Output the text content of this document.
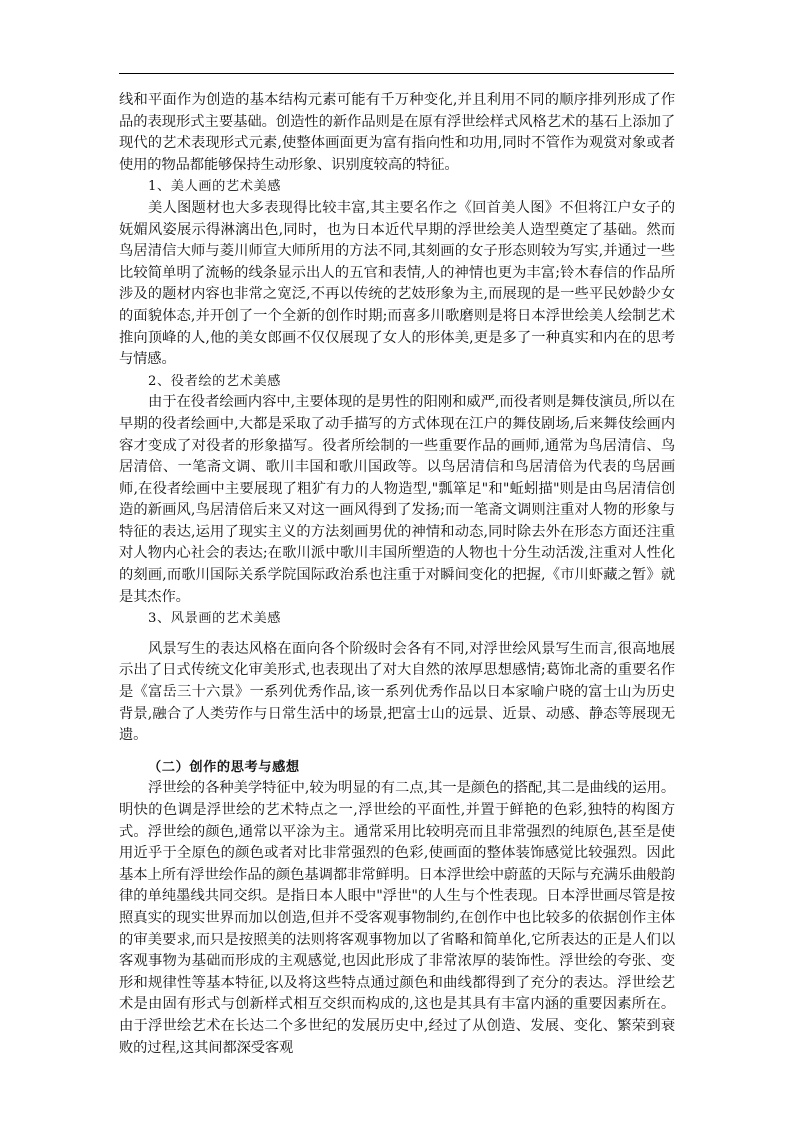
线和平面作为创造的基本结构元素可能有千万种变化,并且利用不同的顺序排列形成了作品的表现形式主要基础。创造性的新作品则是在原有浮世绘样式风格艺术的基石上添加了现代的艺术表现形式元素,使整体画面更为富有指向性和功用,同时不管作为观赏对象或者使用的物品都能够保持生动形象、识别度较高的特征。

1、美人画的艺术美感

美人图题材也大多表现得比较丰富,其主要名作之《回首美人图》不但将江户女子的妩媚风姿展示得淋漓出色,同时，也为日本近代早期的浮世绘美人造型奠定了基础。然而鸟居清信大师与菱川师宣大师所用的方法不同,其刻画的女子形态则较为写实,并通过一些比较简单明了流畅的线条显示出人的五官和表情,人的神情也更为丰富;铃木春信的作品所涉及的题材内容也非常之宽泛,不再以传统的艺妓形象为主,而展现的是一些平民妙龄少女的面貌体态,并开创了一个全新的创作时期;而喜多川歌磨则是将日本浮世绘美人绘制艺术推向顶峰的人,他的美女郎画不仅仅展现了女人的形体美,更是多了一种真实和内在的思考与情感。

2、役者绘的艺术美感

由于在役者绘画内容中,主要体现的是男性的阳刚和威严,而役者则是舞伎演员,所以在早期的役者绘画中,大都是采取了动手描写的方式体现在江户的舞伎剧场,后来舞伎绘画内容才变成了对役者的形象描写。役者所绘制的一些重要作品的画师,通常为鸟居清信、鸟居清倍、一笔斋文调、歌川丰国和歌川国政等。以鸟居清信和鸟居清倍为代表的鸟居画师,在役者绘画中主要展现了粗犷有力的人物造型,"瓢箪足"和"蚯蚓描"则是由鸟居清信创造的新画风,鸟居清倍后来又对这一画风得到了发扬;而一笔斋文调则注重对人物的形象与特征的表达,运用了现实主义的方法刻画男优的神情和动态,同时除去外在形态方面还注重对人物内心社会的表达;在歌川派中歌川丰国所塑造的人物也十分生动活泼,注重对人性化的刻画,而歌川国际关系学院国际政治系也注重于对瞬间变化的把握,《市川虾藏之暂》就是其杰作。

3、风景画的艺术美感

风景写生的表达风格在面向各个阶级时会各有不同,对浮世绘风景写生而言,很高地展示出了日式传统文化审美形式,也表现出了对大自然的浓厚思想感情;葛饰北斋的重要名作是《富岳三十六景》一系列优秀作品,该一系列优秀作品以日本家喻户晓的富士山为历史背景,融合了人类劳作与日常生活中的场景,把富士山的远景、近景、动感、静态等展现无遗。

（二）创作的思考与感想

浮世绘的各种美学特征中,较为明显的有二点,其一是颜色的搭配,其二是曲线的运用。明快的色调是浮世绘的艺术特点之一,浮世绘的平面性,并置于鲜艳的色彩,独特的构图方式。浮世绘的颜色,通常以平涂为主。通常采用比较明亮而且非常强烈的纯原色,甚至是使用近乎于全原色的颜色或者对比非常强烈的色彩,使画面的整体装饰感觉比较强烈。因此基本上所有浮世绘作品的颜色基调都非常鲜明。日本浮世绘中蔚蓝的天际与充满乐曲般韵律的单纯墨线共同交织。是指日本人眼中"浮世"的人生与个性表现。日本浮世画尽管是按照真实的现实世界而加以创造,但并不受客观事物制约,在创作中也比较多的依据创作主体的审美要求,而只是按照美的法则将客观事物加以了省略和简单化,它所表达的正是人们以客观事物为基础而形成的主观感觉,也因此形成了非常浓厚的装饰性。浮世绘的夸张、变形和规律性等基本特征,以及将这些特点通过颜色和曲线都得到了充分的表达。浮世绘艺术是由固有形式与创新样式相互交织而构成的,这也是其具有丰富内涵的重要因素所在。由于浮世绘艺术在长达二个多世纪的发展历史中,经过了从创造、发展、变化、繁荣到衰败的过程,这其间都深受客观
